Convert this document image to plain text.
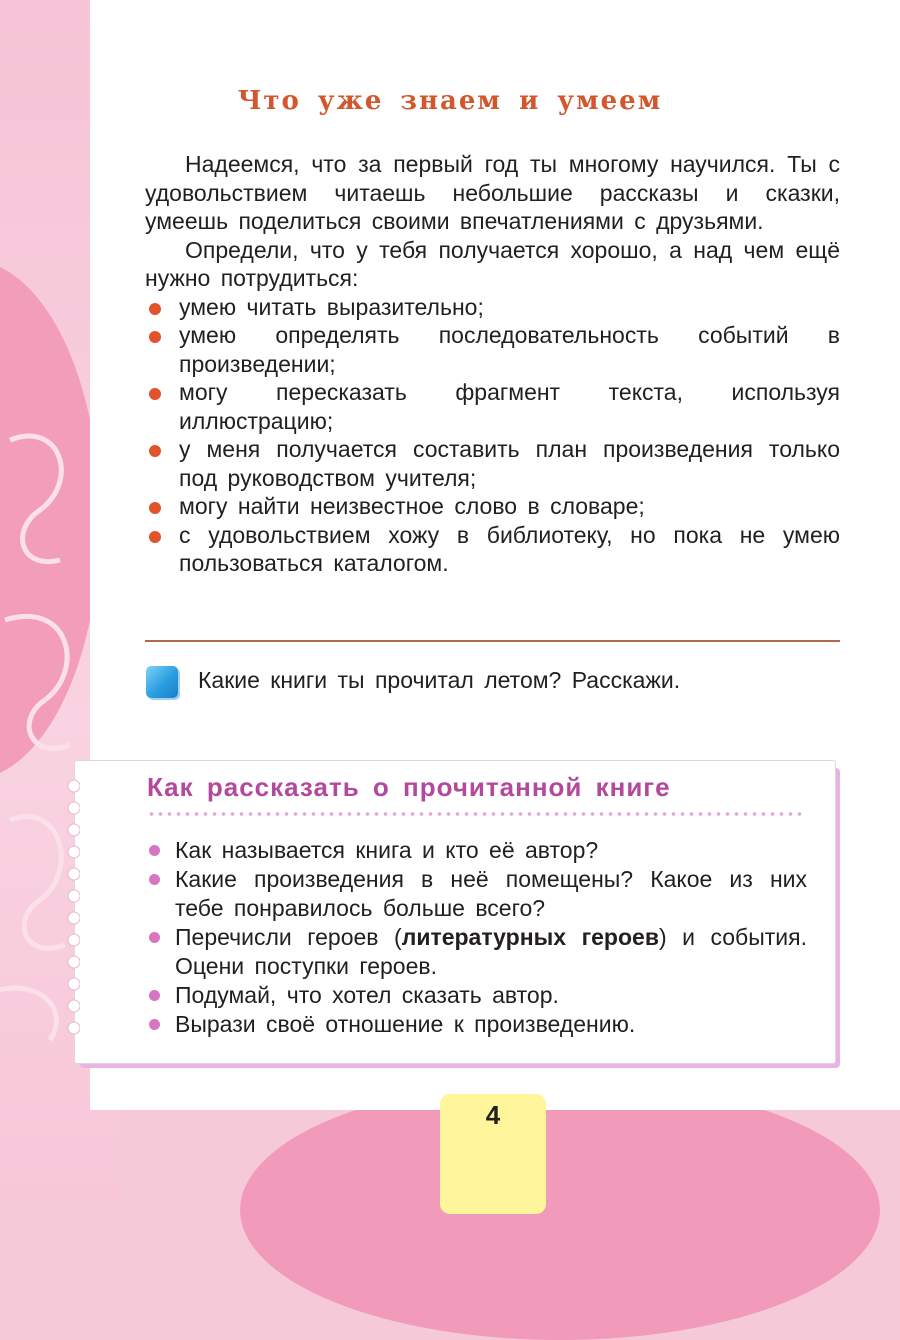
Что уже знаем и умеем

Надеемся, что за первый год ты многому научился. Ты с удовольствием читаешь небольшие рассказы и сказки, умеешь поделиться своими впечатлениями с друзьями.

Определи, что у тебя получается хорошо, а над чем ещё нужно потрудиться:

умею читать выразительно;
умею определять последовательность событий в произведении;
могу пересказать фрагмент текста, используя иллюстрацию;
у меня получается составить план произведения только под руководством учителя;
могу найти неизвестное слово в словаре;
с удовольствием хожу в библиотеку, но пока не умею пользоваться каталогом.
Какие книги ты прочитал летом? Расскажи.
Как рассказать о прочитанной книге
Как называется книга и кто её автор?
Какие произведения в неё помещены? Какое из них тебе понравилось больше всего?
Перечисли героев (литературных героев) и события. Оцени поступки героев.
Подумай, что хотел сказать автор.
Вырази своё отношение к произведению.
4
